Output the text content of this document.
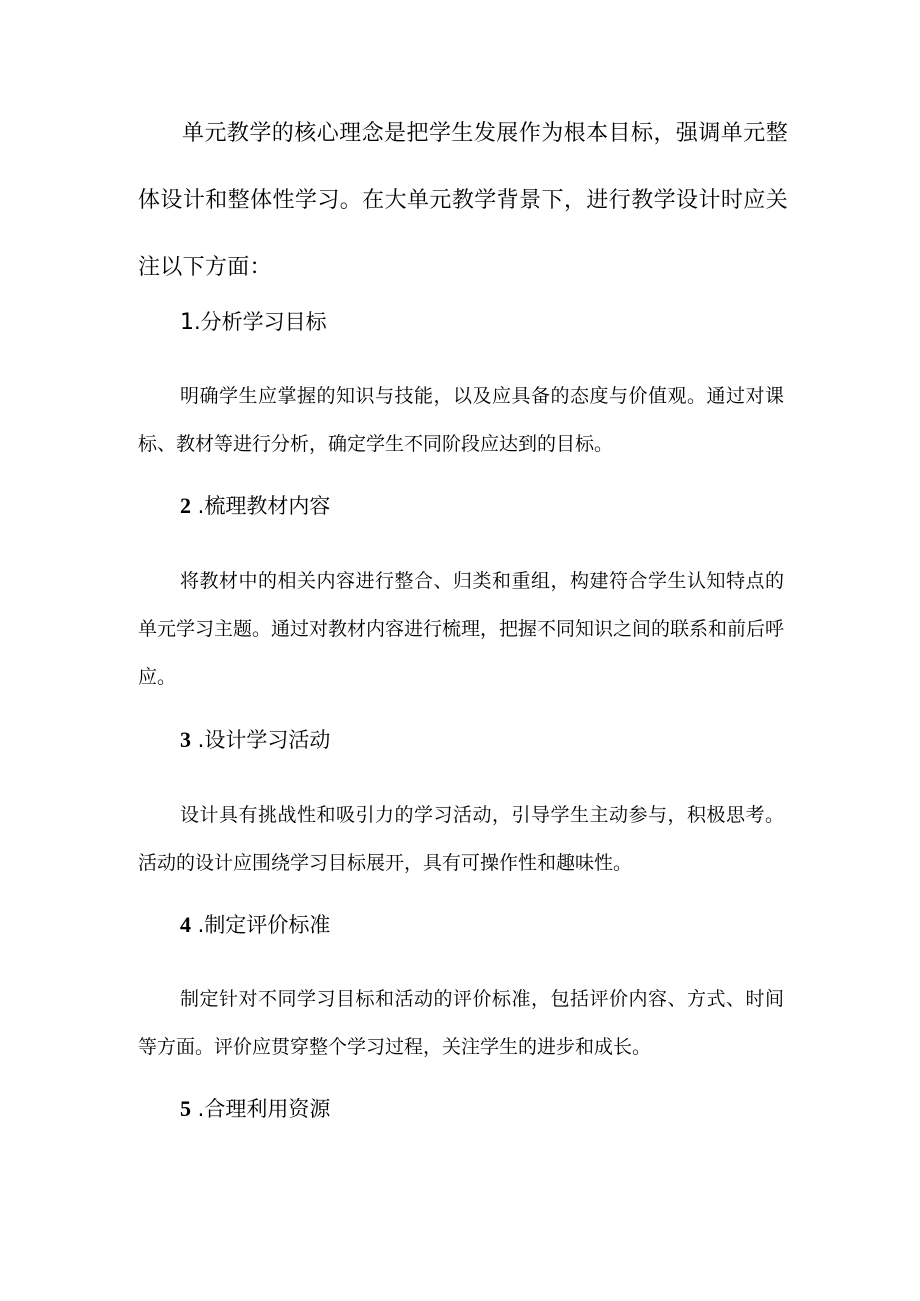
单元教学的核心理念是把学生发展作为根本目标，强调单元整体设计和整体性学习。在大单元教学背景下，进行教学设计时应关注以下方面：

1.分析学习目标

明确学生应掌握的知识与技能，以及应具备的态度与价值观。通过对课标、教材等进行分析，确定学生不同阶段应达到的目标。

2 .梳理教材内容

将教材中的相关内容进行整合、归类和重组，构建符合学生认知特点的单元学习主题。通过对教材内容进行梳理，把握不同知识之间的联系和前后呼应。

3 .设计学习活动

设计具有挑战性和吸引力的学习活动，引导学生主动参与，积极思考。活动的设计应围绕学习目标展开，具有可操作性和趣味性。

4 .制定评价标准

制定针对不同学习目标和活动的评价标准，包括评价内容、方式、时间等方面。评价应贯穿整个学习过程，关注学生的进步和成长。

5 .合理利用资源
